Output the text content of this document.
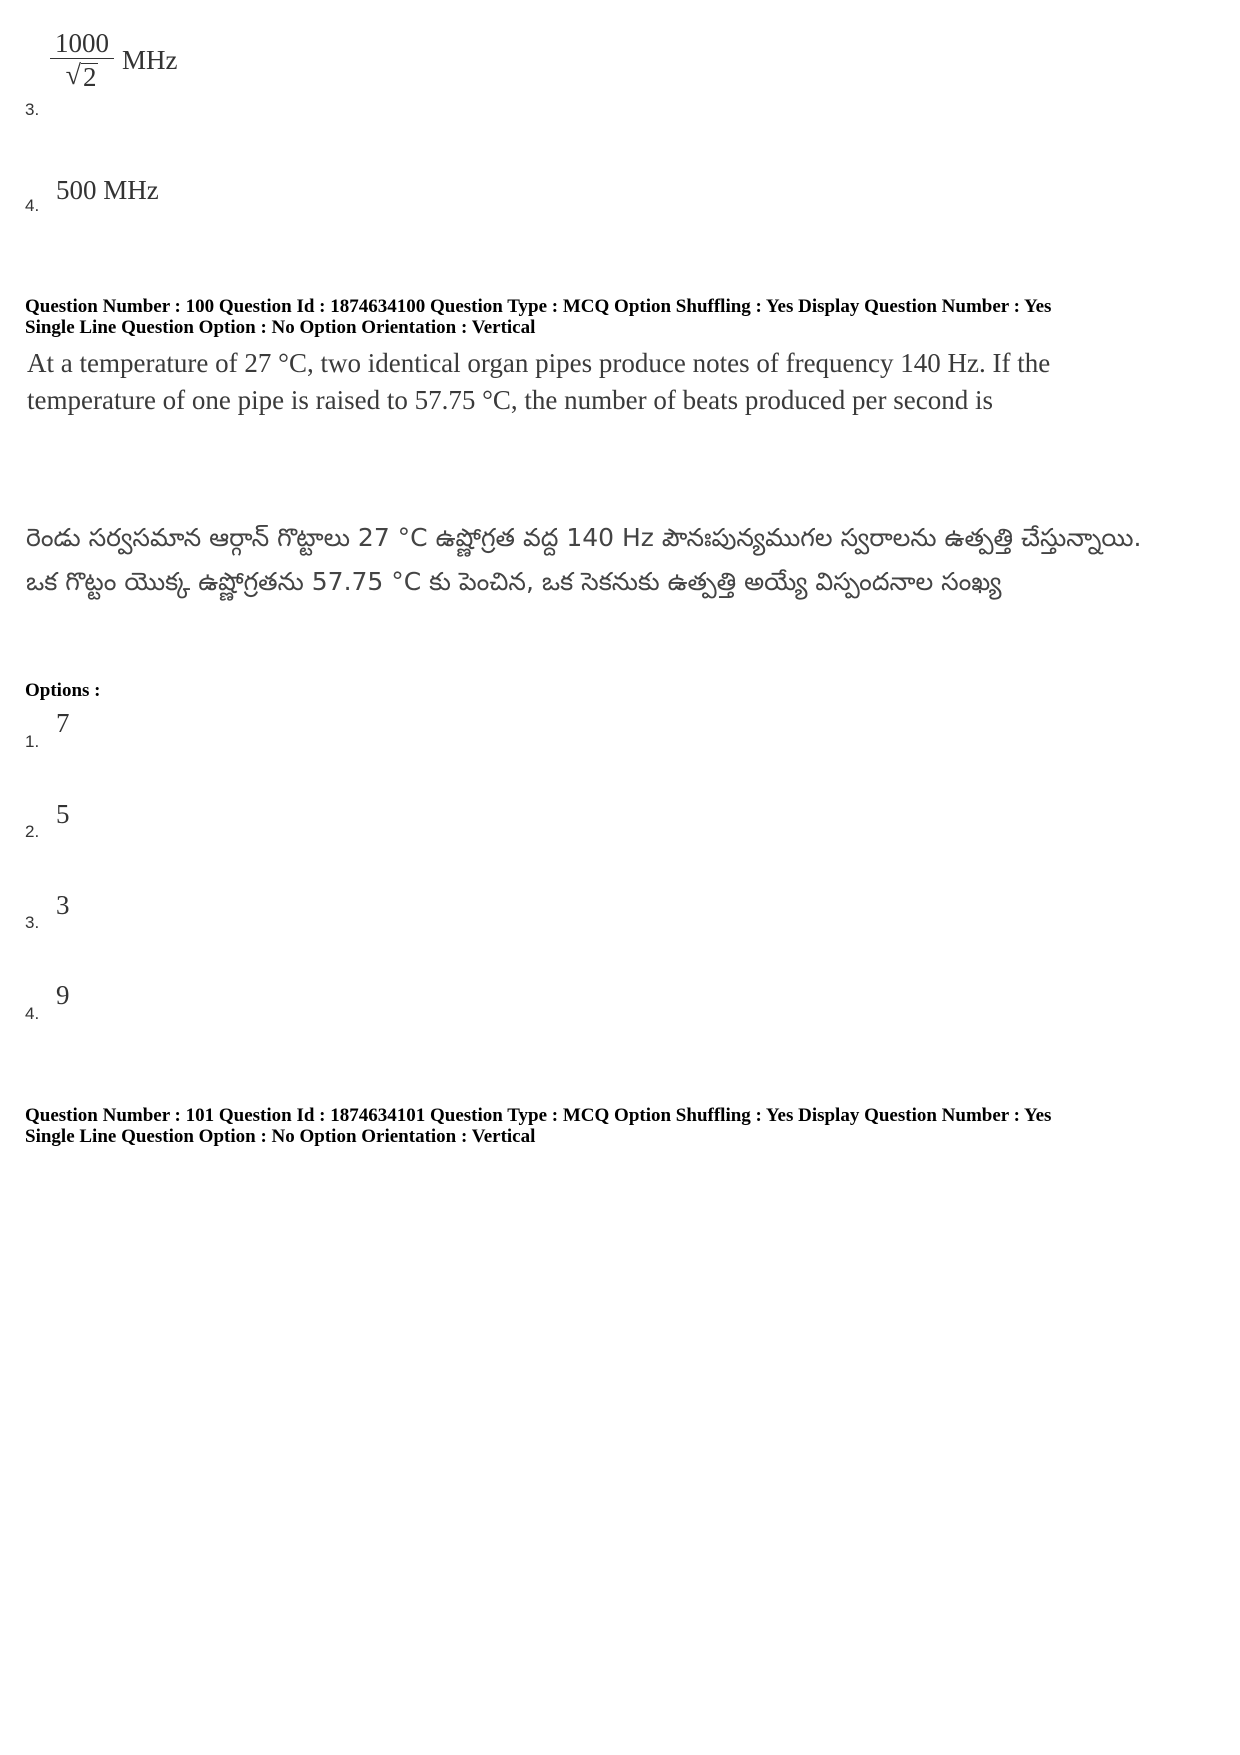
$\frac{1000}{√ 2}$ MHz
3.
4.
500 MHz
Question Number : 100 Question Id : 1874634100 Question Type : MCQ Option Shuffling : Yes Display Question Number : Yes
Single Line Question Option : No Option Orientation : Vertical
At a temperature of 27 °C, two identical organ pipes produce notes of frequency 140 Hz. If the temperature of one pipe is raised to 57.75 °C, the number of beats produced per second is
రెండు సర్వసమాన ఆర్గాన్ గొట్టాలు 27 °C ఉష్ణోగ్రత వద్ద 140 Hz పౌనఃపున్యముగల స్వరాలను ఉత్పత్తి చేస్తున్నాయి. ఒక గొట్టం యొక్క ఉష్ణోగ్రతను 57.75 °C కు పెంచిన, ఒక సెకనుకు ఉత్పత్తి అయ్యే విస్పందనాల సంఖ్య
Options :
1.
7
2.
5
3.
3
4.
9
Question Number : 101 Question Id : 1874634101 Question Type : MCQ Option Shuffling : Yes Display Question Number : Yes
Single Line Question Option : No Option Orientation : Vertical
